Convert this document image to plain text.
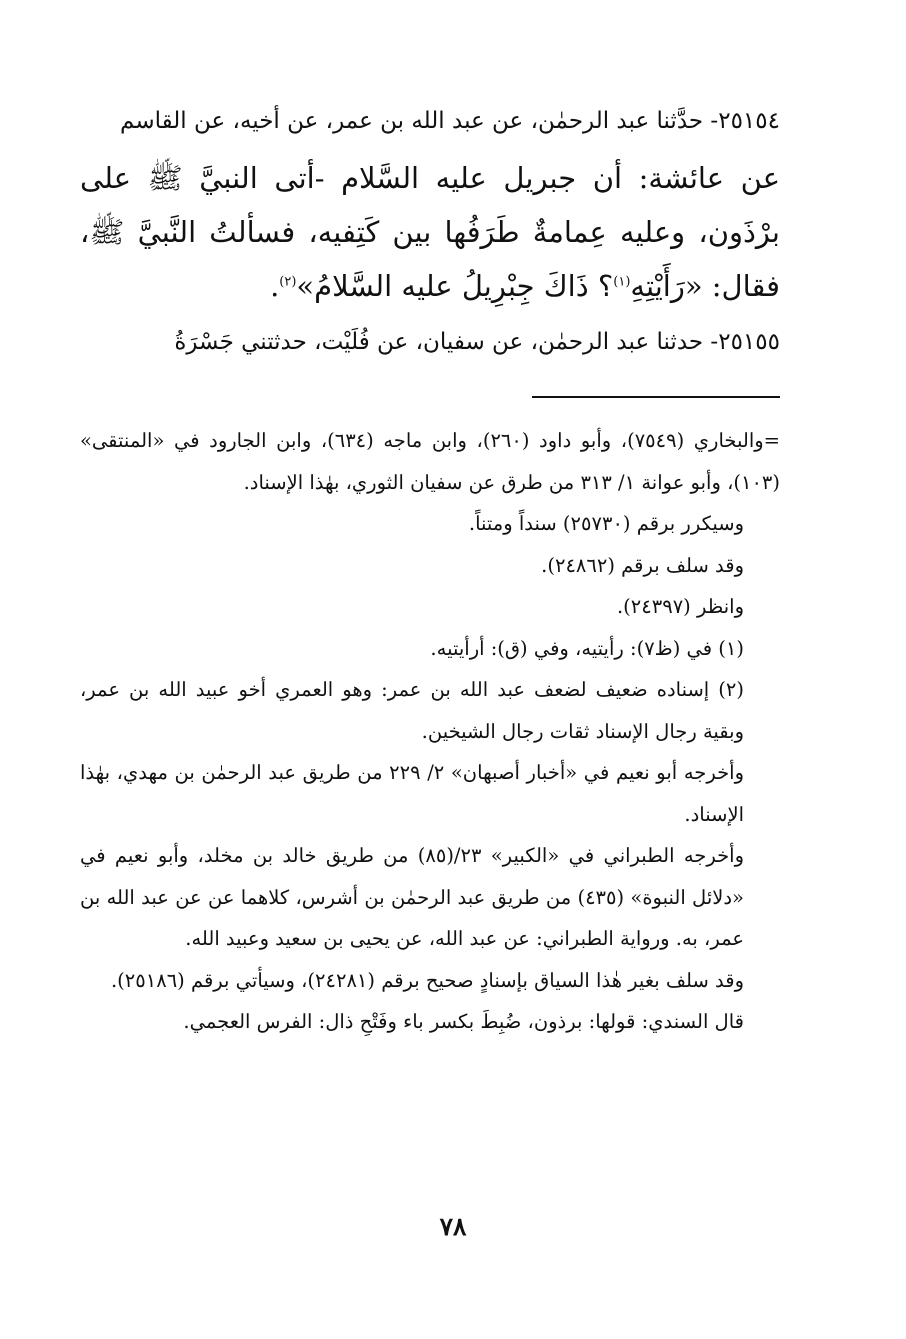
٢٥١٥٤- حدَّثنا عبد الرحمٰن، عن عبد الله بن عمر، عن أخيه، عن القاسم

عن عائشة: أن جبريل عليه السَّلام -أتى النبيَّ ﷺ على برْذَون، وعليه عِمامةٌ طَرَفُها بين كَتِفيه، فسألتُ النَّبيَّ ﷺ، فقال: «رَأَيْتِهِ$^{(١)}$؟ ذَاكَ جِبْرِيلُ عليه السَّلامُ»$^{(٢)}$.

٢٥١٥٥- حدثنا عبد الرحمٰن، عن سفيان، عن فُلَيْت، حدثتني جَسْرَةُ

=والبخاري (٧٥٤٩)، وأبو داود (٢٦٠)، وابن ماجه (٦٣٤)، وابن الجارود في «المنتقى» (١٠٣)، وأبو عوانة ١/ ٣١٣ من طرق عن سفيان الثوري، بهٰذا الإسناد.

وسيكرر برقم (٢٥٧٣٠) سنداً ومتناً.

وقد سلف برقم (٢٤٨٦٢).

وانظر (٢٤٣٩٧).

(١) في (ظ٧): رأيتيه، وفي (ق): أرأيتيه.

(٢) إسناده ضعيف لضعف عبد الله بن عمر: وهو العمري أخو عبيد الله بن عمر، وبقية رجال الإسناد ثقات رجال الشيخين.

وأخرجه أبو نعيم في «أخبار أصبهان» ٢/ ٢٢٩ من طريق عبد الرحمٰن بن مهدي، بهٰذا الإسناد.

وأخرجه الطبراني في «الكبير» ٢٣/(٨٥) من طريق خالد بن مخلد، وأبو نعيم في «دلائل النبوة» (٤٣٥) من طريق عبد الرحمٰن بن أشرس، كلاهما عن عن عبد الله بن عمر، به. ورواية الطبراني: عن عبد الله، عن يحيى بن سعيد وعبيد الله.

وقد سلف بغير هٰذا السياق بإسنادٍ صحيح برقم (٢٤٢٨١)، وسيأتي برقم (٢٥١٨٦).

قال السندي: قولها: برذون، ضُبِطَ بكسر باء وفَتْحِ ذال: الفرس العجمي.

٧٨
